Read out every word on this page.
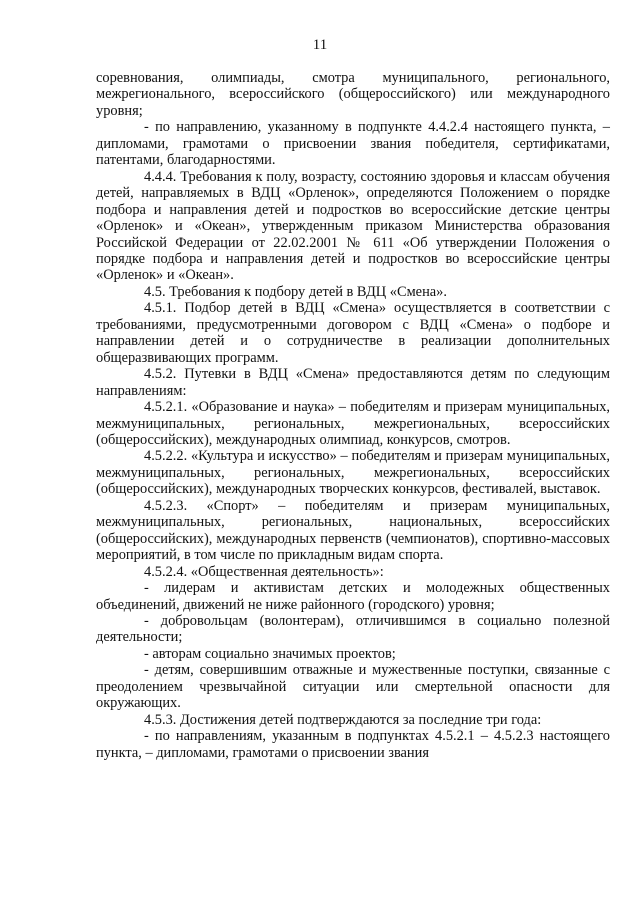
11

соревнования, олимпиады, смотра муниципального, регионального, межрегионального, всероссийского (общероссийского) или международного уровня;

- по направлению, указанному в подпункте 4.4.2.4 настоящего пункта, – дипломами, грамотами о присвоении звания победителя, сертификатами, патентами, благодарностями.

4.4.4. Требования к полу, возрасту, состоянию здоровья и классам обучения детей, направляемых в ВДЦ «Орленок», определяются Положением о порядке подбора и направления детей и подростков во всероссийские детские центры «Орленок» и «Океан», утвержденным приказом Министерства образования Российской Федерации от 22.02.2001 № 611 «Об утверждении Положения о порядке подбора и направления детей и подростков во всероссийские центры «Орленок» и «Океан».

4.5. Требования к подбору детей в ВДЦ «Смена».

4.5.1. Подбор детей в ВДЦ «Смена» осуществляется в соответствии с требованиями, предусмотренными договором с ВДЦ «Смена» о подборе и направлении детей и о сотрудничестве в реализации дополнительных общеразвивающих программ.

4.5.2. Путевки в ВДЦ «Смена» предоставляются детям по следующим направлениям:

4.5.2.1. «Образование и наука» – победителям и призерам муниципальных, межмуниципальных, региональных, межрегиональных, всероссийских (общероссийских), международных олимпиад, конкурсов, смотров.

4.5.2.2. «Культура и искусство» – победителям и призерам муниципальных, межмуниципальных, региональных, межрегиональных, всероссийских (общероссийских), международных творческих конкурсов, фестивалей, выставок.

4.5.2.3. «Спорт» – победителям и призерам муниципальных, межмуниципальных, региональных, национальных, всероссийских (общероссийских), международных первенств (чемпионатов), спортивно-массовых мероприятий, в том числе по прикладным видам спорта.

4.5.2.4. «Общественная деятельность»:

- лидерам и активистам детских и молодежных общественных объединений, движений не ниже районного (городского) уровня;

- добровольцам (волонтерам), отличившимся в социально полезной деятельности;

- авторам социально значимых проектов;

- детям, совершившим отважные и мужественные поступки, связанные с преодолением чрезвычайной ситуации или смертельной опасности для окружающих.

4.5.3. Достижения детей подтверждаются за последние три года:

- по направлениям, указанным в подпунктах 4.5.2.1 – 4.5.2.3 настоящего пункта, – дипломами, грамотами о присвоении звания
